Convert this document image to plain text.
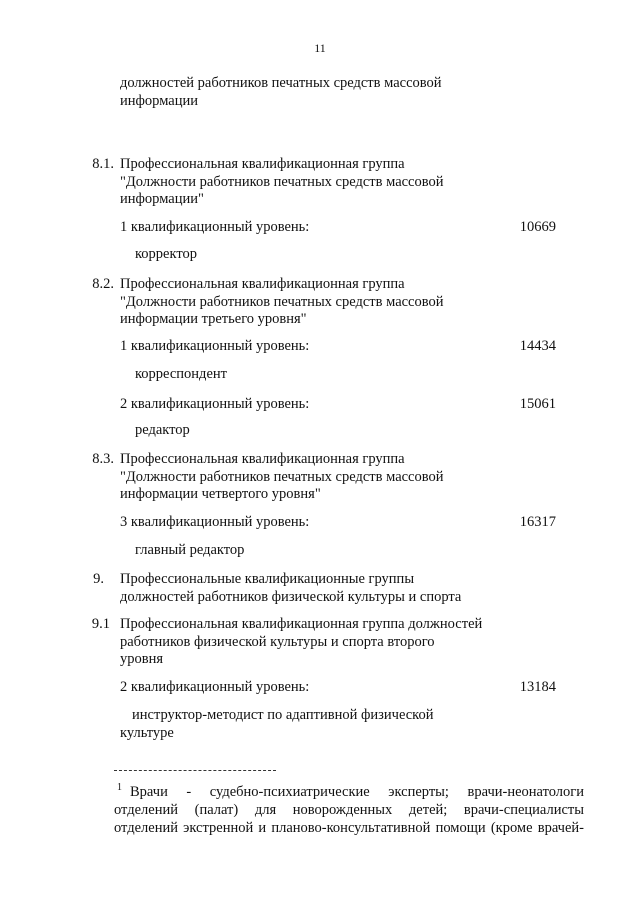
11
должностей работников печатных средств массовой
информации
8.1. Профессиональная квалификационная группа
"Должности работников печатных средств массовой
информации"
1 квалификационный уровень:	10669
корректор
8.2. Профессиональная квалификационная группа
"Должности работников печатных средств массовой
информации третьего уровня"
1 квалификационный уровень:	14434
корреспондент
2 квалификационный уровень:	15061
редактор
8.3. Профессиональная квалификационная группа
"Должности работников печатных средств массовой
информации четвертого уровня"
3 квалификационный уровень:	16317
главный редактор
9. Профессиональные квалификационные группы
должностей работников физической культуры и спорта
9.1 Профессиональная квалификационная группа должностей
работников физической культуры и спорта второго
уровня
2 квалификационный уровень:	13184
инструктор-методист по адаптивной физической
культуре
1 Врачи - судебно-психиатрические эксперты; врачи-неонатологи отделений (палат) для новорожденных детей; врачи-специалисты отделений экстренной и планово-консультативной помощи (кроме врачей-
